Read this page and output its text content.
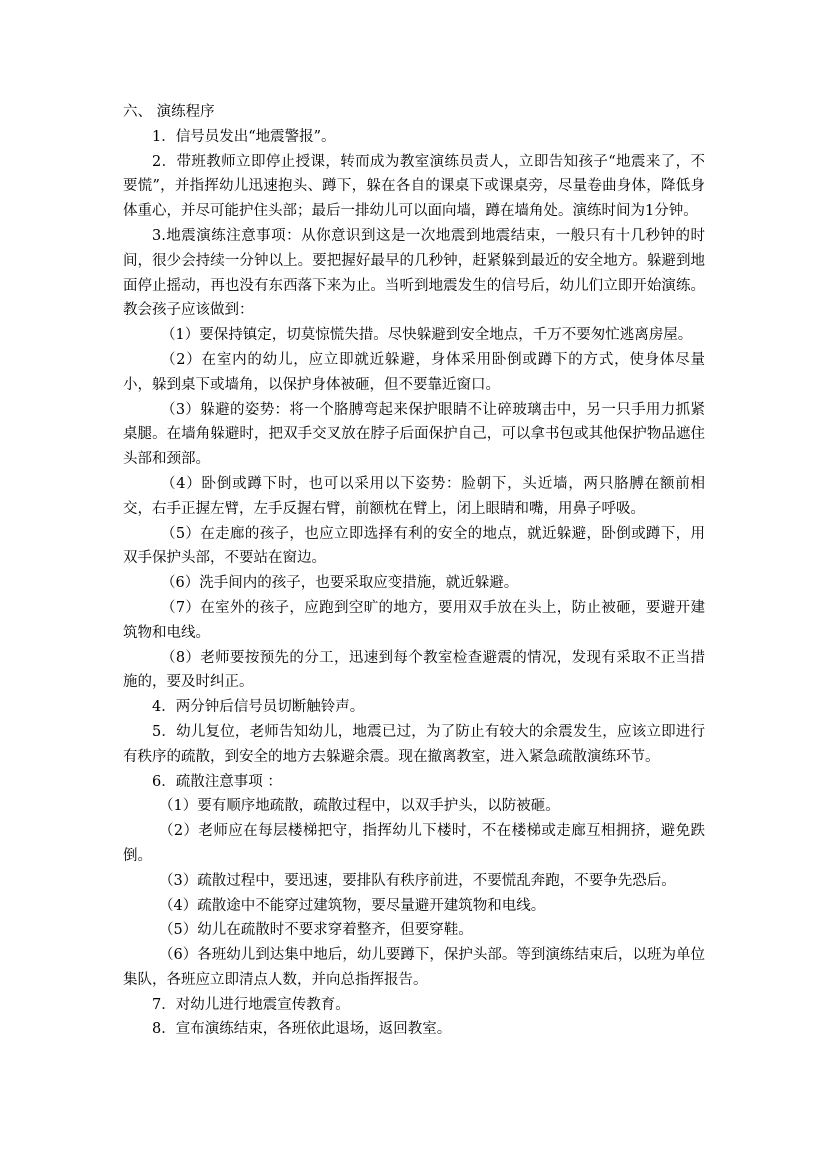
六、 演练程序

1．信号员发出“地震警报”。

2．带班教师立即停止授课，转而成为教室演练员责人，立即告知孩子“地震来了，不要慌”，并指挥幼儿迅速抱头、蹲下，躲在各自的课桌下或课桌旁，尽量卷曲身体，降低身体重心，并尽可能护住头部；最后一排幼儿可以面向墙，蹲在墙角处。演练时间为1分钟。

3.地震演练注意事项：从你意识到这是一次地震到地震结束，一般只有十几秒钟的时间，很少会持续一分钟以上。要把握好最早的几秒钟，赶紧躲到最近的安全地方。躲避到地面停止摇动，再也没有东西落下来为止。当听到地震发生的信号后，幼儿们立即开始演练。教会孩子应该做到：

（1）要保持镇定，切莫惊慌失措。尽快躲避到安全地点，千万不要匆忙逃离房屋。

（2）在室内的幼儿，应立即就近躲避，身体采用卧倒或蹲下的方式，使身体尽量小，躲到桌下或墙角，以保护身体被砸，但不要靠近窗口。

（3）躲避的姿势：将一个胳膊弯起来保护眼睛不让碎玻璃击中，另一只手用力抓紧桌腿。在墙角躲避时，把双手交叉放在脖子后面保护自己，可以拿书包或其他保护物品遮住头部和颈部。

（4）卧倒或蹲下时，也可以采用以下姿势：脸朝下，头近墙，两只胳膊在额前相交，右手正握左臂，左手反握右臂，前额枕在臂上，闭上眼睛和嘴，用鼻子呼吸。

（5）在走廊的孩子，也应立即选择有利的安全的地点，就近躲避，卧倒或蹲下，用双手保护头部，不要站在窗边。

（6）洗手间内的孩子，也要采取应变措施，就近躲避。

（7）在室外的孩子，应跑到空旷的地方，要用双手放在头上，防止被砸，要避开建筑物和电线。

（8）老师要按预先的分工，迅速到每个教室检查避震的情况，发现有采取不正当措施的，要及时纠正。

4．两分钟后信号员切断触铃声。

5．幼儿复位，老师告知幼儿，地震已过，为了防止有较大的余震发生，应该立即进行有秩序的疏散，到安全的地方去躲避余震。现在撤离教室，进入紧急疏散演练环节。

6．疏散注意事项 ：

（1）要有顺序地疏散，疏散过程中，以双手护头，以防被砸。

（2）老师应在每层楼梯把守，指挥幼儿下楼时，不在楼梯或走廊互相拥挤，避免跌倒。

（3）疏散过程中，要迅速，要排队有秩序前进，不要慌乱奔跑，不要争先恐后。

（4）疏散途中不能穿过建筑物，要尽量避开建筑物和电线。

（5）幼儿在疏散时不要求穿着整齐，但要穿鞋。

（6）各班幼儿到达集中地后，幼儿要蹲下，保护头部。等到演练结束后，以班为单位集队，各班应立即清点人数，并向总指挥报告。

7．对幼儿进行地震宣传教育。

8．宣布演练结束，各班依此退场，返回教室。
